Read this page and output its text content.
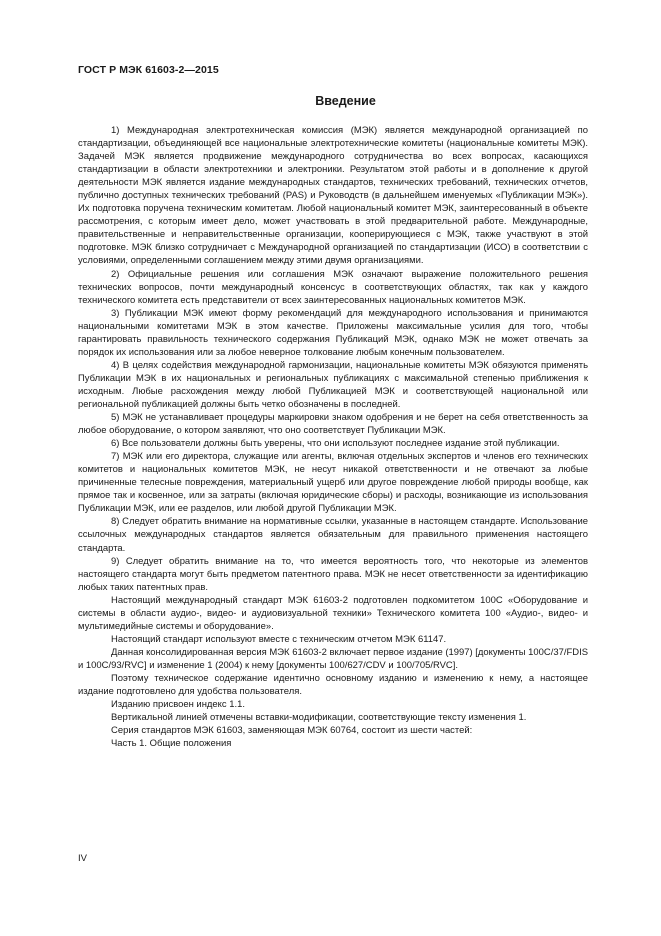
ГОСТ Р МЭК 61603-2—2015
Введение

1) Международная электротехническая комиссия (МЭК) является международной организацией по стандартизации, объединяющей все национальные электротехнические комитеты (национальные комитеты МЭК). Задачей МЭК является продвижение международного сотрудничества во всех вопросах, касающихся стандартизации в области электротехники и электроники. Результатом этой работы и в дополнение к другой деятельности МЭК является издание международных стандартов, технических требований, технических отчетов, публично доступных технических требований (PAS) и Руководств (в дальнейшем именуемых «Публикации МЭК»). Их подготовка поручена техническим комитетам. Любой национальный комитет МЭК, заинтересованный в объекте рассмотрения, с которым имеет дело, может участвовать в этой предварительной работе. Международные, правительственные и неправительственные организации, кооперирующиеся с МЭК, также участвуют в этой подготовке. МЭК близко сотрудничает с Международной организацией по стандартизации (ИСО) в соответствии с условиями, определенными соглашением между этими двумя организациями.

2) Официальные решения или соглашения МЭК означают выражение положительного решения технических вопросов, почти международный консенсус в соответствующих областях, так как у каждого технического комитета есть представители от всех заинтересованных национальных комитетов МЭК.

3) Публикации МЭК имеют форму рекомендаций для международного использования и принимаются национальными комитетами МЭК в этом качестве. Приложены максимальные усилия для того, чтобы гарантировать правильность технического содержания Публикаций МЭК, однако МЭК не может отвечать за порядок их использования или за любое неверное толкование любым конечным пользователем.

4) В целях содействия международной гармонизации, национальные комитеты МЭК обязуются применять Публикации МЭК в их национальных и региональных публикациях с максимальной степенью приближения к исходным. Любые расхождения между любой Публикацией МЭК и соответствующей национальной или региональной публикацией должны быть четко обозначены в последней.

5) МЭК не устанавливает процедуры маркировки знаком одобрения и не берет на себя ответственность за любое оборудование, о котором заявляют, что оно соответствует Публикации МЭК.

6) Все пользователи должны быть уверены, что они используют последнее издание этой публикации.

7) МЭК или его директора, служащие или агенты, включая отдельных экспертов и членов его технических комитетов и национальных комитетов МЭК, не несут никакой ответственности и не отвечают за любые причиненные телесные повреждения, материальный ущерб или другое повреждение любой природы вообще, как прямое так и косвенное, или за затраты (включая юридические сборы) и расходы, возникающие из использования Публикации МЭК, или ее разделов, или любой другой Публикации МЭК.

8) Следует обратить внимание на нормативные ссылки, указанные в настоящем стандарте. Использование ссылочных международных стандартов является обязательным для правильного применения настоящего стандарта.

9) Следует обратить внимание на то, что имеется вероятность того, что некоторые из элементов настоящего стандарта могут быть предметом патентного права. МЭК не несет ответственности за идентификацию любых таких патентных прав.

Настоящий международный стандарт МЭК 61603-2 подготовлен подкомитетом 100С «Оборудование и системы в области аудио-, видео- и аудиовизуальной техники» Технического комитета 100 «Аудио-, видео- и мультимедийные системы и оборудование».

Настоящий стандарт используют вместе с техническим отчетом МЭК 61147.

Данная консолидированная версия МЭК 61603-2 включает первое издание (1997) [документы 100С/37/FDIS и 100С/93/RVC] и изменение 1 (2004) к нему [документы 100/627/CDV и 100/705/RVC].

Поэтому техническое содержание идентично основному изданию и изменению к нему, а настоящее издание подготовлено для удобства пользователя.

Изданию присвоен индекс 1.1.

Вертикальной линией отмечены вставки-модификации, соответствующие тексту изменения 1.

Серия стандартов МЭК 61603, заменяющая МЭК 60764, состоит из шести частей:

Часть 1. Общие положения

IV
